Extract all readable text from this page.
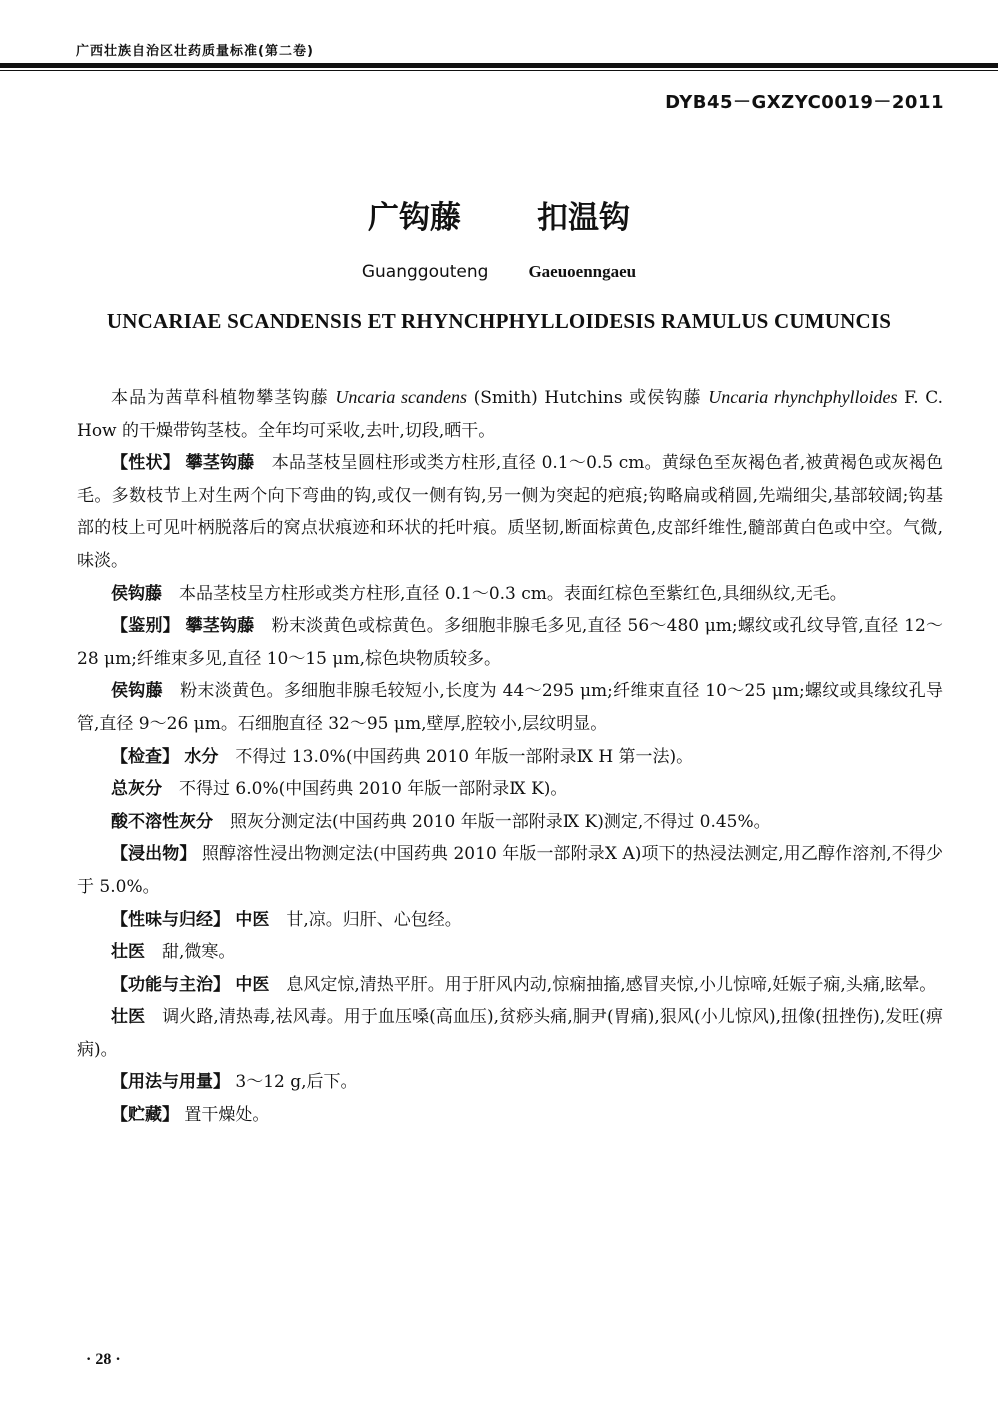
广西壮族自治区壮药质量标准(第二卷)
DYB45－GXZYC0019－2011
广钩藤 扣温钩
Guanggouteng Gaeuoenngaeu
UNCARIAE SCANDENSIS ET RHYNCHPHYLLOIDESIS RAMULUS CUMUNCIS

本品为茜草科植物攀茎钩藤 Uncaria scandens (Smith) Hutchins 或侯钩藤 Uncaria rhynchphylloides F. C. How 的干燥带钩茎枝。全年均可采收,去叶,切段,晒干。

【性状】 攀茎钩藤 本品茎枝呈圆柱形或类方柱形,直径 0.1～0.5 cm。黄绿色至灰褐色者,被黄褐色或灰褐色毛。多数枝节上对生两个向下弯曲的钩,或仅一侧有钩,另一侧为突起的疤痕;钩略扁或稍圆,先端细尖,基部较阔;钩基部的枝上可见叶柄脱落后的窝点状痕迹和环状的托叶痕。质坚韧,断面棕黄色,皮部纤维性,髓部黄白色或中空。气微,味淡。

侯钩藤 本品茎枝呈方柱形或类方柱形,直径 0.1～0.3 cm。表面红棕色至紫红色,具细纵纹,无毛。

【鉴别】 攀茎钩藤 粉末淡黄色或棕黄色。多细胞非腺毛多见,直径 56～480 μm;螺纹或孔纹导管,直径 12～28 μm;纤维束多见,直径 10～15 μm,棕色块物质较多。

侯钩藤 粉末淡黄色。多细胞非腺毛较短小,长度为 44～295 μm;纤维束直径 10～25 μm;螺纹或具缘纹孔导管,直径 9～26 μm。石细胞直径 32～95 μm,壁厚,腔较小,层纹明显。

【检查】 水分 不得过 13.0%(中国药典 2010 年版一部附录Ⅸ H 第一法)。

总灰分 不得过 6.0%(中国药典 2010 年版一部附录Ⅸ K)。

酸不溶性灰分 照灰分测定法(中国药典 2010 年版一部附录Ⅸ K)测定,不得过 0.45%。

【浸出物】 照醇溶性浸出物测定法(中国药典 2010 年版一部附录Ⅹ A)项下的热浸法测定,用乙醇作溶剂,不得少于 5.0%。

【性味与归经】 中医 甘,凉。归肝、心包经。

壮医 甜,微寒。

【功能与主治】 中医 息风定惊,清热平肝。用于肝风内动,惊痫抽搐,感冒夹惊,小儿惊啼,妊娠子痫,头痛,眩晕。

壮医 调火路,清热毒,祛风毒。用于血压嗓(高血压),贫痧头痛,胴尹(胃痛),狠风(小儿惊风),扭像(扭挫伤),发旺(痹病)。

【用法与用量】 3～12 g,后下。

【贮藏】 置干燥处。

· 28 ·
